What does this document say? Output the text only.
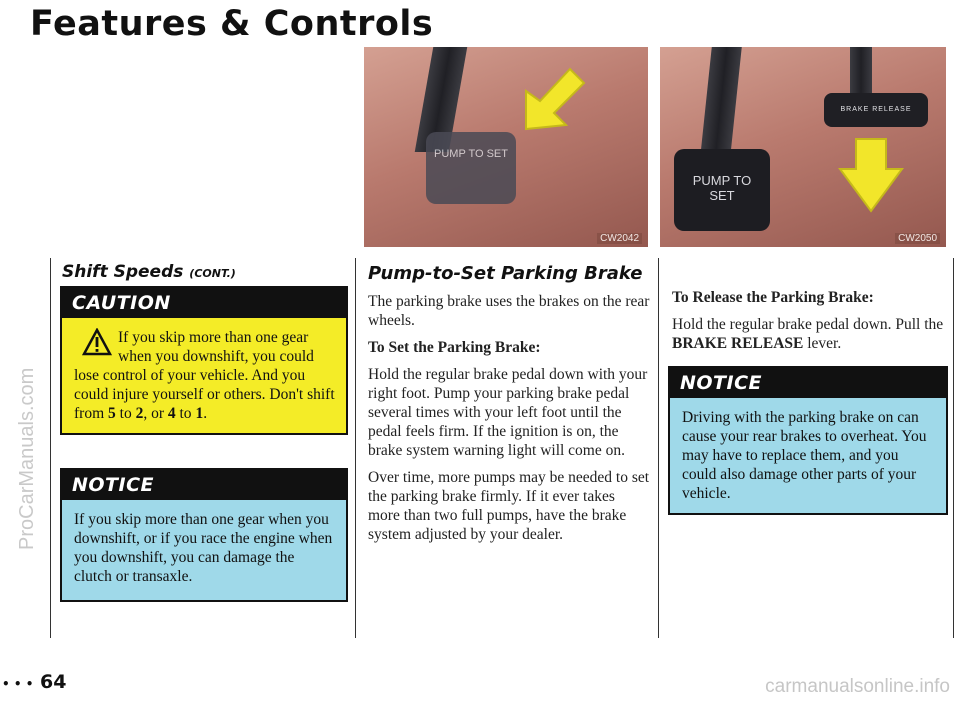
Features & Controls
ProCarManuals.com
carmanualsonline.info
PUMP TO SET
CW2042
PUMP TO SET
BRAKE RELEASE
CW2050
Shift Speeds (CONT.)
CAUTION
If you skip more than one gear when you downshift, you could lose control of your vehicle. And you could injure yourself or others. Don't shift from 5 to 2, or 4 to 1.
NOTICE
If you skip more than one gear when you downshift, or if you race the engine when you downshift, you can damage the clutch or transaxle.
Pump-to-Set Parking Brake

The parking brake uses the brakes on the rear wheels.

To Set the Parking Brake:

Hold the regular brake pedal down with your right foot. Pump your parking brake pedal several times with your left foot until the pedal feels firm. If the ignition is on, the brake system warning light will come on.

Over time, more pumps may be needed to set the parking brake firmly. If it ever takes more than two full pumps, have the brake system adjusted by your dealer.

To Release the Parking Brake:

Hold the regular brake pedal down. Pull the BRAKE RELEASE lever.

NOTICE
Driving with the parking brake on can cause your rear brakes to overheat. You may have to replace them, and you could also damage other parts of your vehicle.
• • • 64
